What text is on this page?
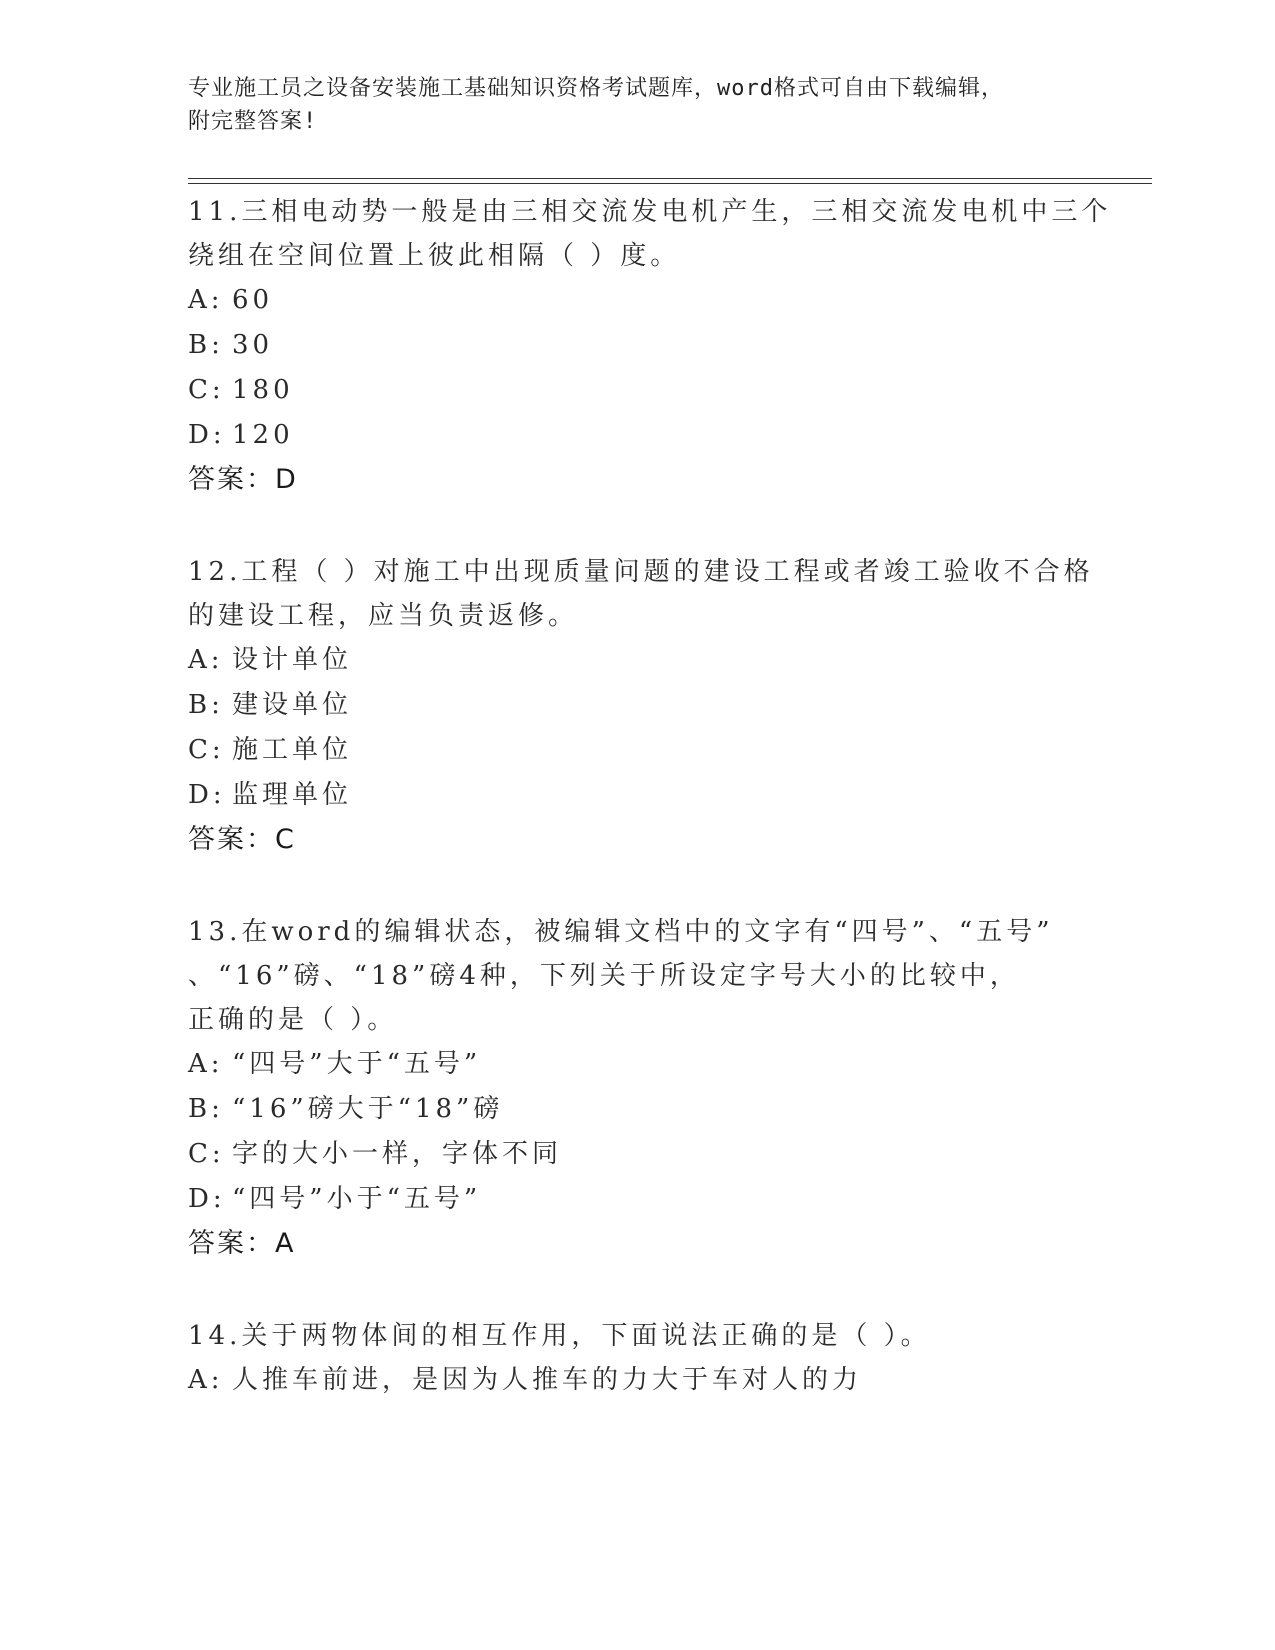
专业施工员之设备安装施工基础知识资格考试题库，word格式可自由下载编辑，
附完整答案!
11.三相电动势一般是由三相交流发电机产生，三相交流发电机中三个
绕组在空间位置上彼此相隔（ ）度。
A: 60
B: 30
C: 180
D: 120
答案：D
12.工程（ ）对施工中出现质量问题的建设工程或者竣工验收不合格
的建设工程，应当负责返修。
A: 设计单位
B: 建设单位
C: 施工单位
D: 监理单位
答案：C
13.在word的编辑状态，被编辑文档中的文字有“四号”、“五号”
、“16”磅、“18”磅4种，下列关于所设定字号大小的比较中，
正确的是（ ）。
A: “四号”大于“五号”
B: “16”磅大于“18”磅
C: 字的大小一样，字体不同
D: “四号”小于“五号”
答案：A
14.关于两物体间的相互作用，下面说法正确的是（ ）。
A: 人推车前进，是因为人推车的力大于车对人的力
